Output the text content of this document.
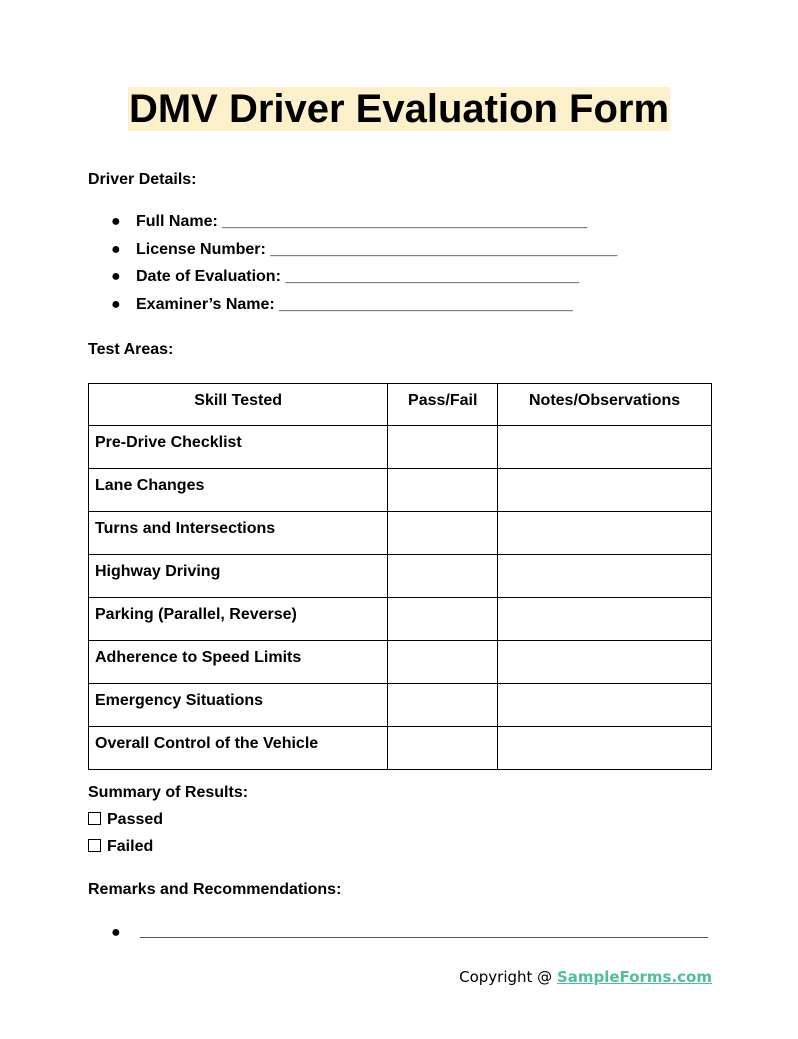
DMV Driver Evaluation Form
Driver Details:
● Full Name: _________________________________________
● License Number: _______________________________________
● Date of Evaluation: _________________________________
● Examiner’s Name: _________________________________
Test Areas:
Skill Tested	Pass/Fail	Notes/Observations
Pre-Drive Checklist		
Lane Changes		
Turns and Intersections		
Highway Driving		
Parking (Parallel, Reverse)		
Adherence to Speed Limits		
Emergency Situations		
Overall Control of the Vehicle		
Summary of Results:
Passed
Failed
Remarks and Recommendations:
●
Copyright @ SampleForms.com
